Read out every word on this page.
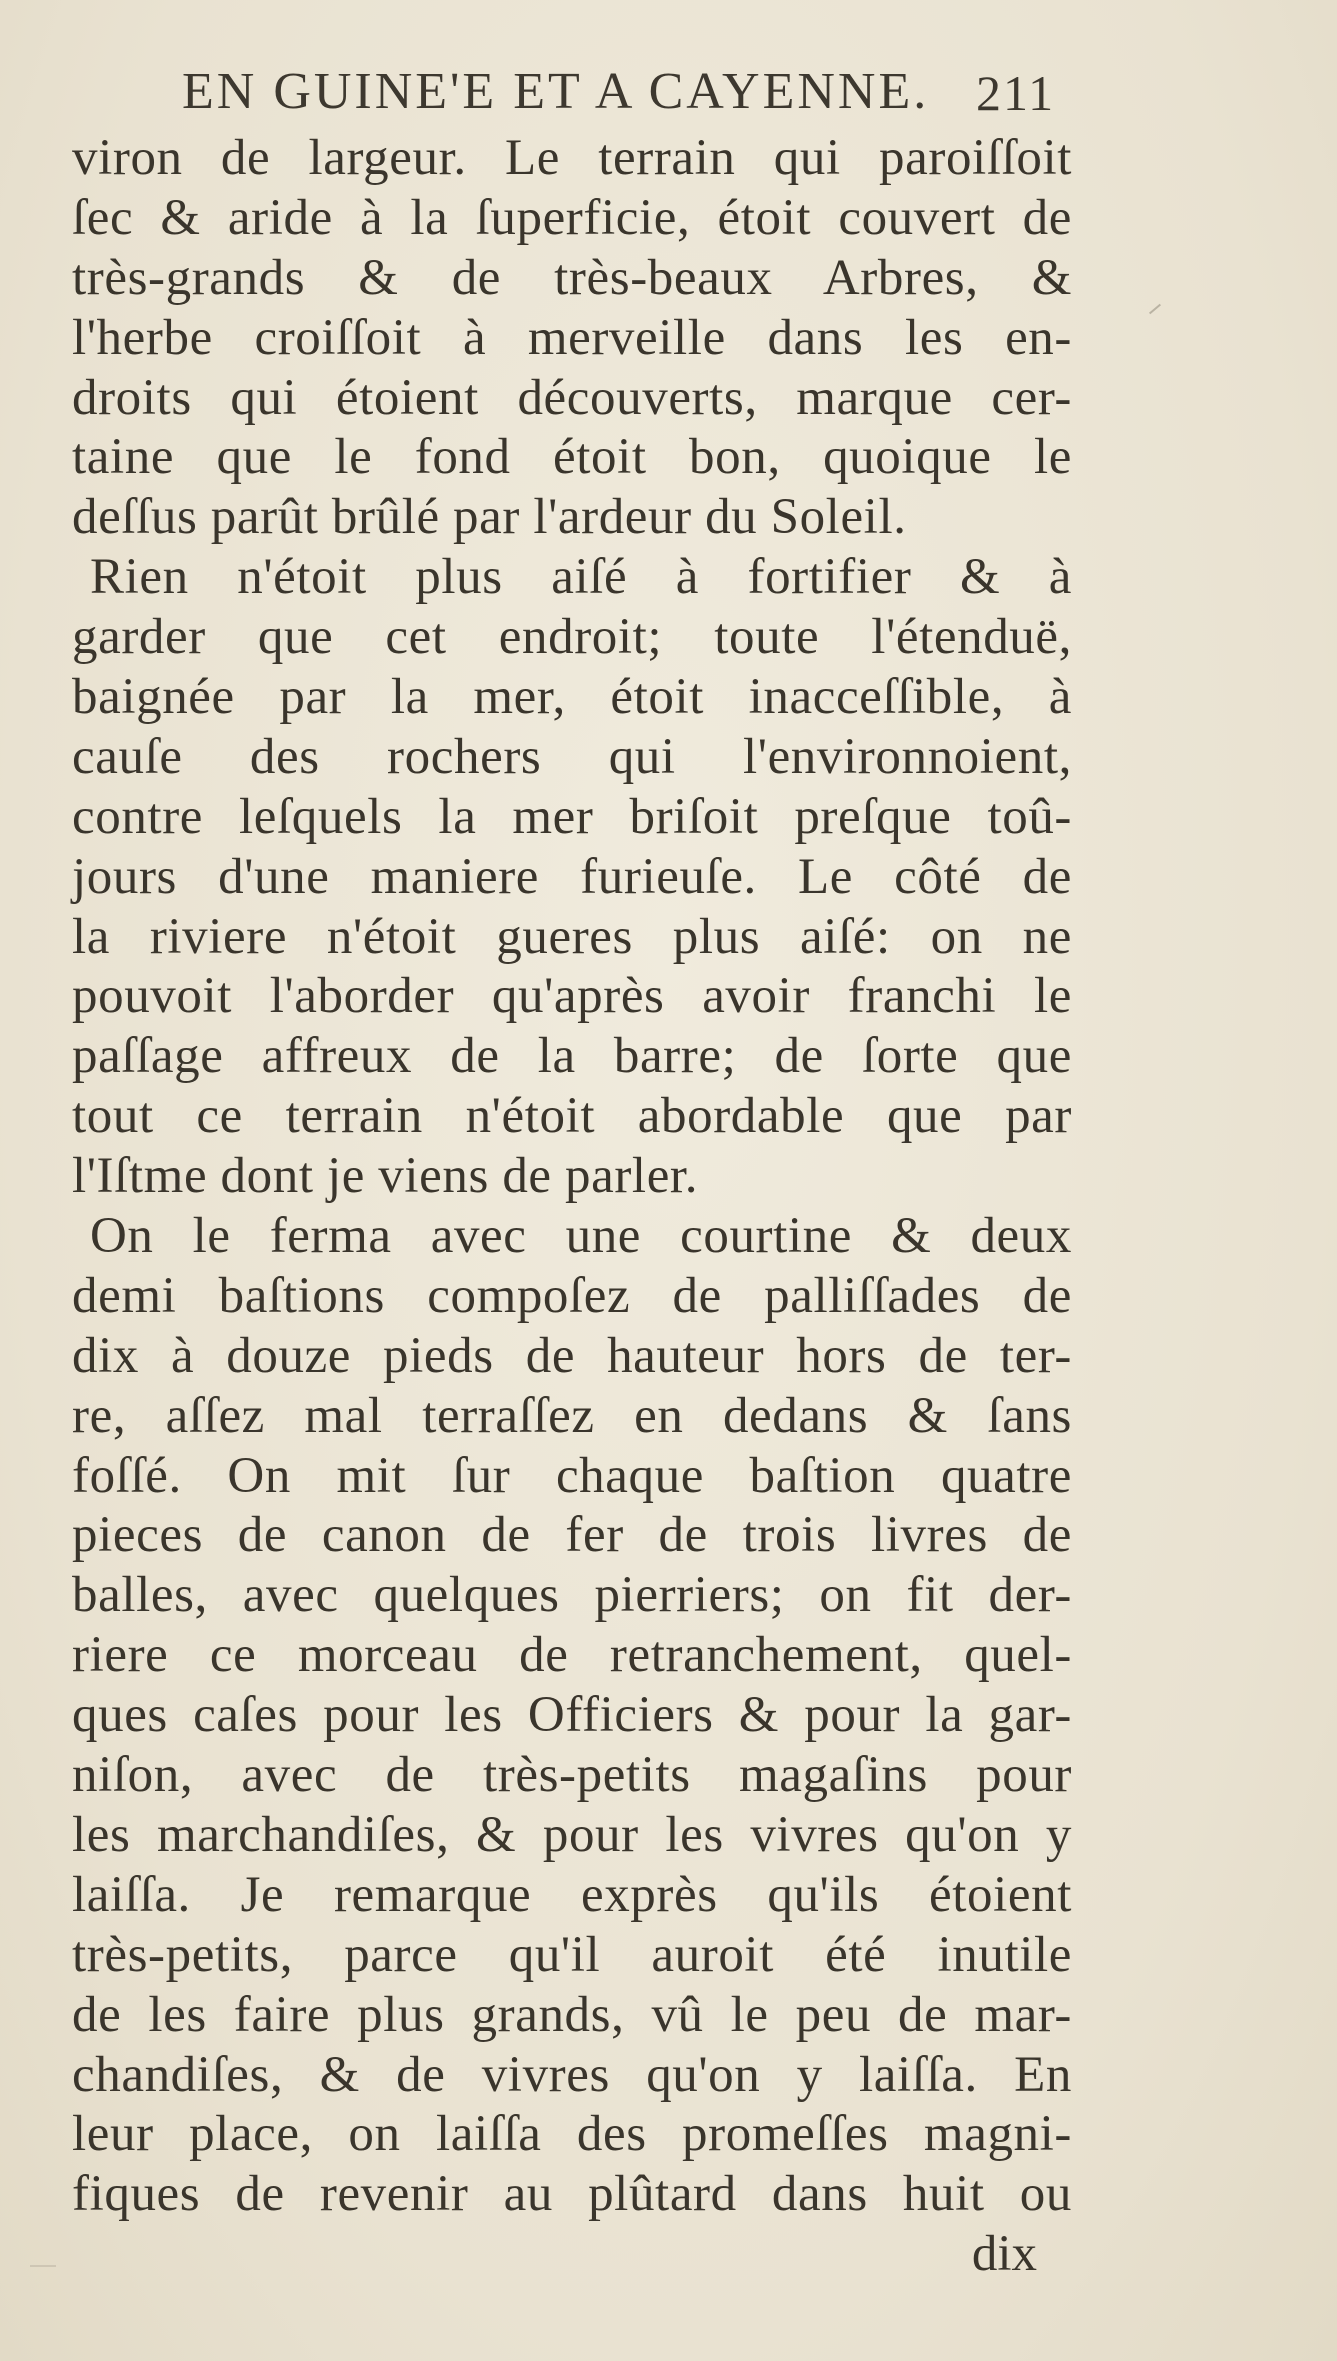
EN GUINE'E ET A CAYENNE. 211
viron de largeur. Le terrain qui paroiſſoit
ſec & aride à la ſuperficie, étoit couvert de
très-grands & de très-beaux Arbres, &
l'herbe croiſſoit à merveille dans les en-
droits qui étoient découverts, marque cer-
taine que le fond étoit bon, quoique le
deſſus parût brûlé par l'ardeur du Soleil.
Rien n'étoit plus aiſé à fortifier & à
garder que cet endroit; toute l'étenduë,
baignée par la mer, étoit inacceſſible, à
cauſe des rochers qui l'environnoient,
contre leſquels la mer briſoit preſque toû-
jours d'une maniere furieuſe. Le côté de
la riviere n'étoit gueres plus aiſé: on ne
pouvoit l'aborder qu'après avoir franchi le
paſſage affreux de la barre; de ſorte que
tout ce terrain n'étoit abordable que par
l'Iſtme dont je viens de parler.
On le ferma avec une courtine & deux
demi baſtions compoſez de palliſſades de
dix à douze pieds de hauteur hors de ter-
re, aſſez mal terraſſez en dedans & ſans
foſſé. On mit ſur chaque baſtion quatre
pieces de canon de fer de trois livres de
balles, avec quelques pierriers; on fit der-
riere ce morceau de retranchement, quel-
ques caſes pour les Officiers & pour la gar-
niſon, avec de très-petits magaſins pour
les marchandiſes, & pour les vivres qu'on y
laiſſa. Je remarque exprès qu'ils étoient
très-petits, parce qu'il auroit été inutile
de les faire plus grands, vû le peu de mar-
chandiſes, & de vivres qu'on y laiſſa. En
leur place, on laiſſa des promeſſes magni-
fiques de revenir au plûtard dans huit ou
dix
